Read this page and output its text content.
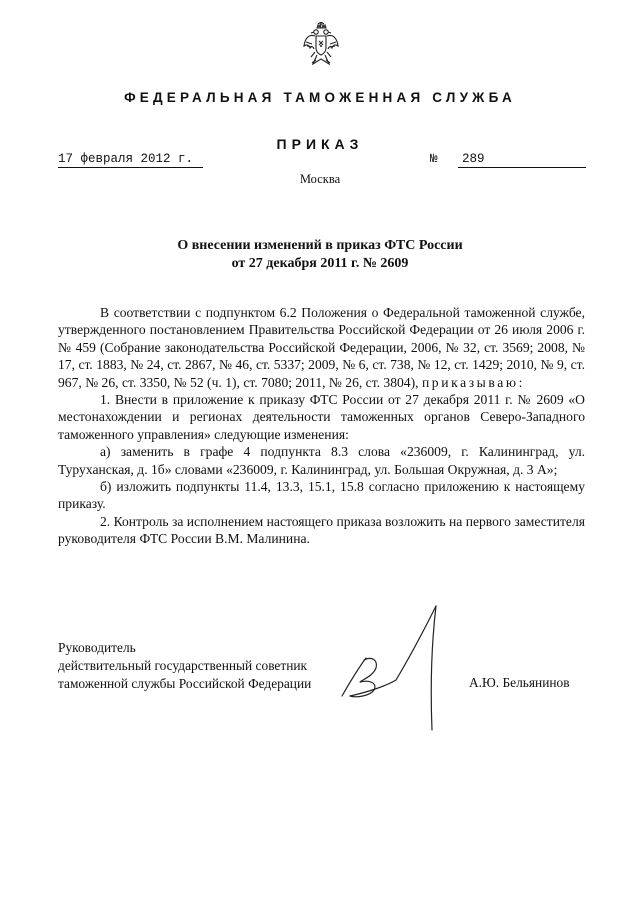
ФЕДЕРАЛЬНАЯ ТАМОЖЕННАЯ СЛУЖБА
ПРИКАЗ
17 февраля 2012 г.	№	289
Москва
О внесении изменений в приказ ФТС России
от 27 декабря 2011 г. № 2609

В соответствии с подпунктом 6.2 Положения о Федеральной таможенной службе, утвержденного постановлением Правительства Российской Федерации от 26 июля 2006 г. № 459 (Собрание законодательства Российской Федерации, 2006, № 32, ст. 3569; 2008, № 17, ст. 1883, № 24, ст. 2867, № 46, ст. 5337; 2009, № 6, ст. 738, № 12, ст. 1429; 2010, № 9, ст. 967, № 26, ст. 3350, № 52 (ч. 1), ст. 7080; 2011, № 26, ст. 3804), приказываю:

1. Внести в приложение к приказу ФТС России от 27 декабря 2011 г. № 2609 «О местонахождении и регионах деятельности таможенных органов Северо-Западного таможенного управления» следующие изменения:

а) заменить в графе 4 подпункта 8.3 слова «236009, г. Калининград, ул. Туруханская, д. 1б» словами «236009, г. Калининград, ул. Большая Окружная, д. 3 А»;

б) изложить подпункты 11.4, 13.3, 15.1, 15.8 согласно приложению к настоящему приказу.

2. Контроль за исполнением настоящего приказа возложить на первого заместителя руководителя ФТС России В.М. Малинина.

Руководитель
действительный государственный советник
таможенной службы Российской Федерации	А.Ю. Бельянинов
